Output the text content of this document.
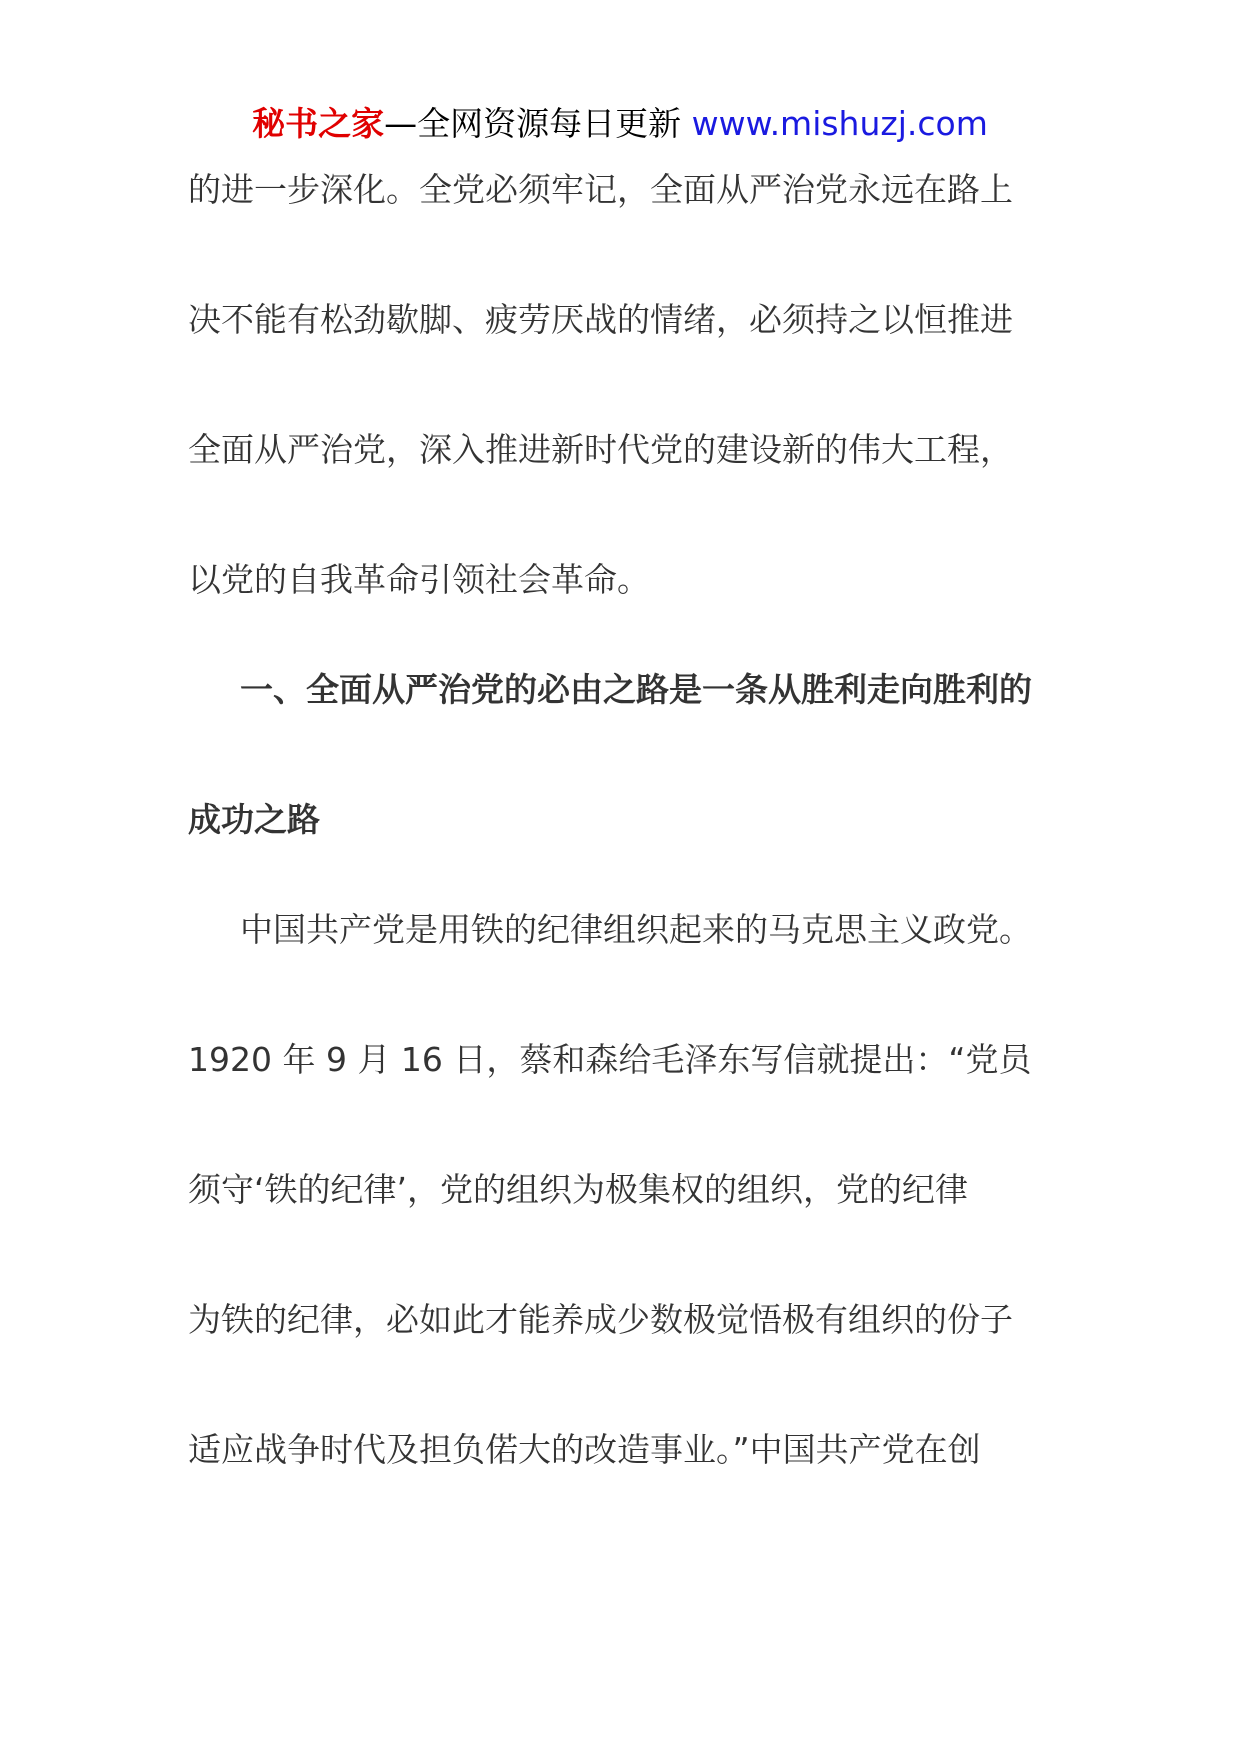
秘书之家—全网资源每日更新 www.mishuzj.com
的进一步深化。全党必须牢记，全面从严治党永远在路上
决不能有松劲歇脚、疲劳厌战的情绪，必须持之以恒推进
全面从严治党，深入推进新时代党的建设新的伟大工程，
以党的自我革命引领社会革命。
一、全面从严治党的必由之路是一条从胜利走向胜利的
成功之路
中国共产党是用铁的纪律组织起来的马克思主义政党。
1920 年 9 月 16 日，蔡和森给毛泽东写信就提出：“党员
须守‘铁的纪律’，党的组织为极集权的组织，党的纪律
为铁的纪律，必如此才能养成少数极觉悟极有组织的份子
适应战争时代及担负偌大的改造事业。”中国共产党在创
